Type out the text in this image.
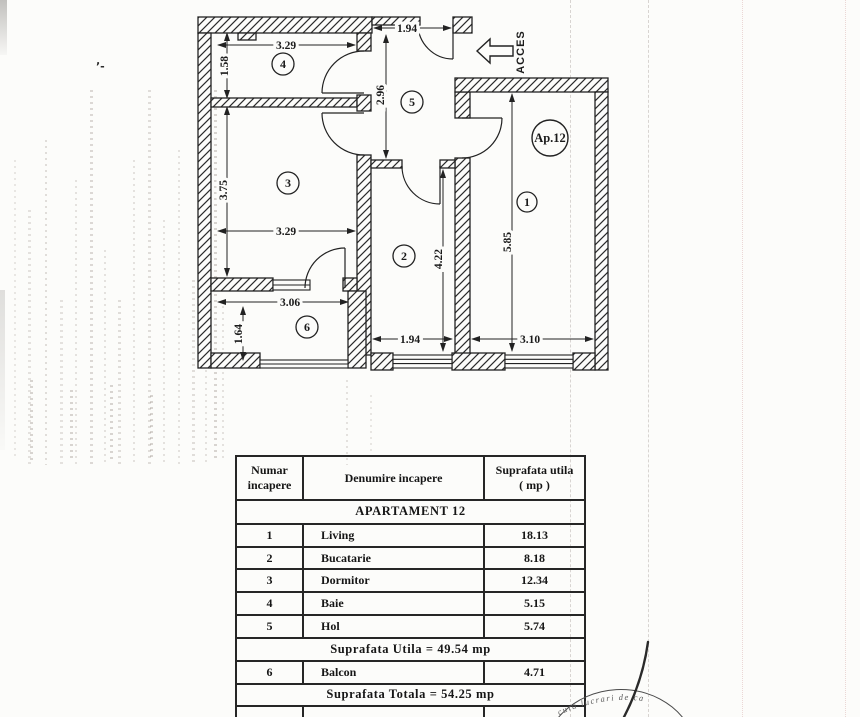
ʼ-
3.29
1.58
3.75
3.29
3.06
1.64
1.94
2.96
4.22
1.94
5.85
3.10
4
3
6
5
2
1
Ap.12
ACCES
Numar
incapere	Denumire incapere	Suprafata utila
( mp )
APARTAMENT 12		
1	Living	18.13
2	Bucatarie	8.18
3	Dormitor	12.34
4	Baie	5.15
5	Hol	5.74
Suprafata Utila = 49.54 mp		
6	Balcon	4.71
Suprafata Totala = 54.25 mp		

cuta lucrari de ca
